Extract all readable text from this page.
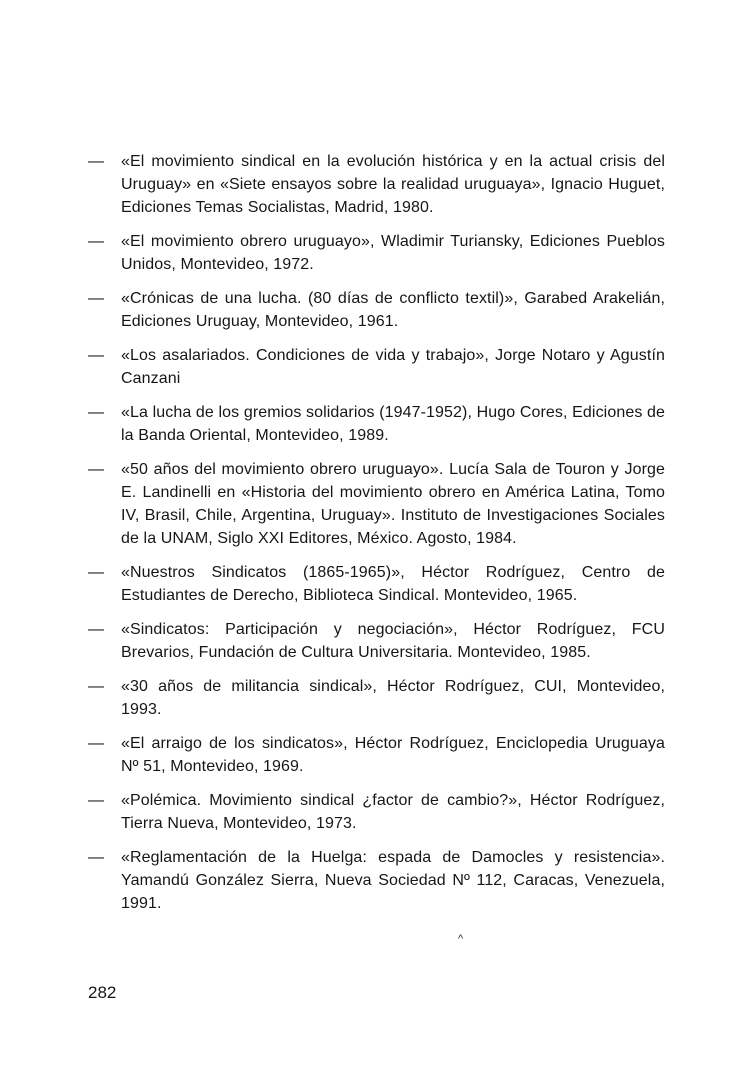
—	«El movimiento sindical en la evolución histórica y en la actual crisis del Uruguay» en «Siete ensayos sobre la realidad uruguaya», Ignacio Huguet, Ediciones Temas Socialistas, Madrid, 1980.
—	«El movimiento obrero uruguayo», Wladimir Turiansky, Ediciones Pueblos Unidos, Montevideo, 1972.
—	«Crónicas de una lucha. (80 días de conflicto textil)», Garabed Arakelián, Ediciones Uruguay, Montevideo, 1961.
—	«Los asalariados. Condiciones de vida y trabajo», Jorge Notaro y Agustín Canzani
—	«La lucha de los gremios solidarios (1947-1952), Hugo Cores, Ediciones de la Banda Oriental, Montevideo, 1989.
—	«50 años del movimiento obrero uruguayo». Lucía Sala de Touron y Jorge E. Landinelli en «Historia del movimiento obrero en América Latina, Tomo IV, Brasil, Chile, Argentina, Uruguay». Instituto de Investigaciones Sociales de la UNAM, Siglo XXI Editores, México. Agosto, 1984.
—	«Nuestros Sindicatos (1865-1965)», Héctor Rodríguez, Centro de Estudiantes de Derecho, Biblioteca Sindical. Montevideo, 1965.
—	«Sindicatos: Participación y negociación», Héctor Rodríguez, FCU Brevarios, Fundación de Cultura Universitaria. Montevideo, 1985.
—	«30 años de militancia sindical», Héctor Rodríguez, CUI, Montevideo, 1993.
—	«El arraigo de los sindicatos», Héctor Rodríguez, Enciclopedia Uruguaya Nº 51, Montevideo, 1969.
—	«Polémica. Movimiento sindical ¿factor de cambio?», Héctor Rodríguez, Tierra Nueva, Montevideo, 1973.
—	«Reglamentación de la Huelga: espada de Damocles y resistencia». Yamandú González Sierra, Nueva Sociedad Nº 112, Caracas, Venezuela, 1991.
^
282
